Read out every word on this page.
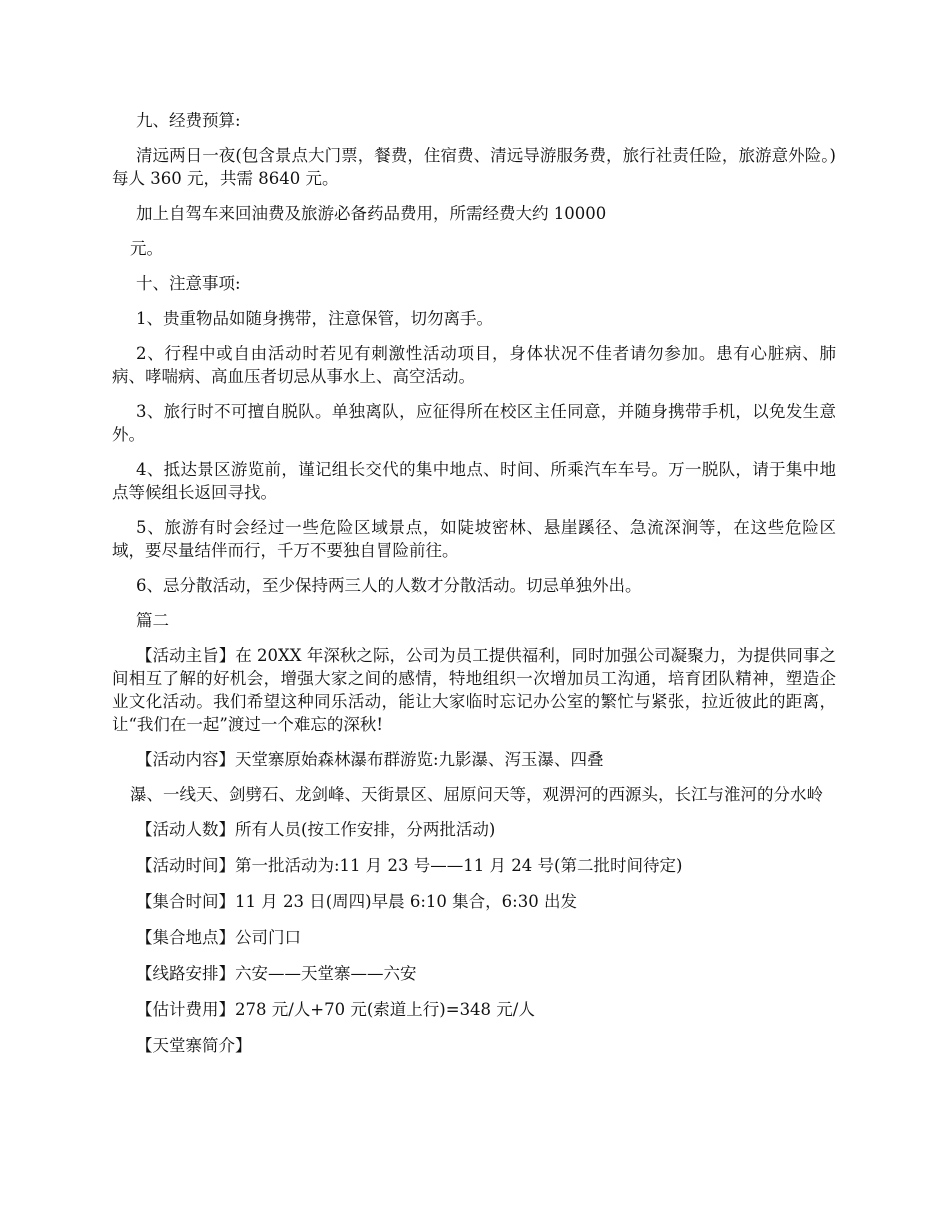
九、经费预算:

清远两日一夜(包含景点大门票，餐费，住宿费、清远导游服务费，旅行社责任险，旅游意外险。)每人 360 元，共需 8640 元。

加上自驾车来回油费及旅游必备药品费用，所需经费大约 10000

元。

十、注意事项:

1、贵重物品如随身携带，注意保管，切勿离手。

2、行程中或自由活动时若见有刺激性活动项目，身体状况不佳者请勿参加。患有心脏病、肺病、哮喘病、高血压者切忌从事水上、高空活动。

3、旅行时不可擅自脱队。单独离队，应征得所在校区主任同意，并随身携带手机，以免发生意外。

4、抵达景区游览前，谨记组长交代的集中地点、时间、所乘汽车车号。万一脱队，请于集中地点等候组长返回寻找。

5、旅游有时会经过一些危险区域景点，如陡坡密林、悬崖蹊径、急流深涧等，在这些危险区域，要尽量结伴而行，千万不要独自冒险前往。

6、忌分散活动，至少保持两三人的人数才分散活动。切忌单独外出。

篇二

【活动主旨】在 20XX 年深秋之际，公司为员工提供福利，同时加强公司凝聚力，为提供同事之间相互了解的好机会，增强大家之间的感情，特地组织一次增加员工沟通，培育团队精神，塑造企业文化活动。我们希望这种同乐活动，能让大家临时忘记办公室的繁忙与紧张，拉近彼此的距离，让“我们在一起”渡过一个难忘的深秋!

【活动内容】天堂寨原始森林瀑布群游览:九影瀑、泻玉瀑、四叠

瀑、一线天、剑劈石、龙剑峰、天街景区、屈原问天等，观淠河的西源头，长江与淮河的分水岭

【活动人数】所有人员(按工作安排，分两批活动)

【活动时间】第一批活动为:11 月 23 号——11 月 24 号(第二批时间待定)

【集合时间】11 月 23 日(周四)早晨 6:10 集合，6:30 出发

【集合地点】公司门口

【线路安排】六安——天堂寨——六安

【估计费用】278 元/人+70 元(索道上行)=348 元/人

【天堂寨简介】
